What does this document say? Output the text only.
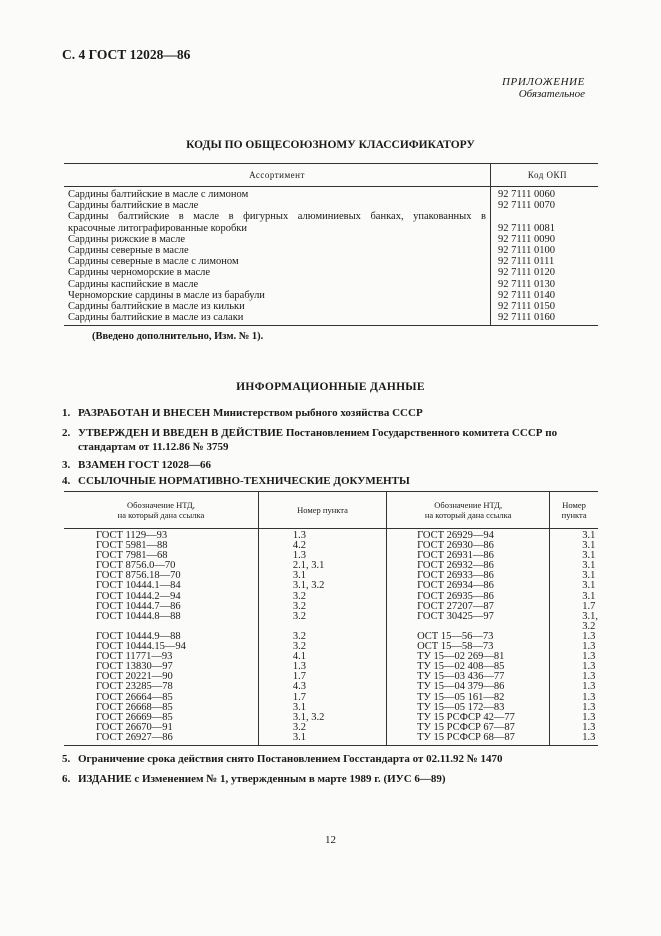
С. 4 ГОСТ 12028—86
ПРИЛОЖЕНИЕ
Обязательное
КОДЫ ПО ОБЩЕСОЮЗНОМУ КЛАССИФИКАТОРУ
Ассортимент	Код ОКП
Сардины балтийские в масле с лимоном	92 7111 0060
Сардины балтийские в масле	92 7111 0070
Сардины балтийские в масле в фигурных алюминиевых банках, упакованных в	
красочные литографированные коробки	92 7111 0081
Сардины рижские в масле	92 7111 0090
Сардины северные в масле	92 7111 0100
Сардины северные в масле с лимоном	92 7111 0111
Сардины черноморские в масле	92 7111 0120
Сардины каспийские в масле	92 7111 0130
Черноморские сардины в масле из барабули	92 7111 0140
Сардины балтийские в масле из кильки	92 7111 0150
Сардины балтийские в масле из салаки	92 7111 0160
(Введено дополнительно, Изм. № 1).
ИНФОРМАЦИОННЫЕ ДАННЫЕ
1. РАЗРАБОТАН И ВНЕСЕН Министерством рыбного хозяйства СССР
2. УТВЕРЖДЕН И ВВЕДЕН В ДЕЙСТВИЕ Постановлением Государственного комитета СССР по
стандартам от 11.12.86 № 3759
3. ВЗАМЕН ГОСТ 12028—66
4. ССЫЛОЧНЫЕ НОРМАТИВНО-ТЕХНИЧЕСКИЕ ДОКУМЕНТЫ
Обозначение НТД,
на который дана ссылка	Номер пункта	Обозначение НТД,
на который дана ссылка	Номер пункта
ГОСТ 1129—93	1.3	ГОСТ 26929—94	3.1
ГОСТ 5981—88	4.2	ГОСТ 26930—86	3.1
ГОСТ 7981—68	1.3	ГОСТ 26931—86	3.1
ГОСТ 8756.0—70	2.1, 3.1	ГОСТ 26932—86	3.1
ГОСТ 8756.18—70	3.1	ГОСТ 26933—86	3.1
ГОСТ 10444.1—84	3.1, 3.2	ГОСТ 26934—86	3.1
ГОСТ 10444.2—94	3.2	ГОСТ 26935—86	3.1
ГОСТ 10444.7—86	3.2	ГОСТ 27207—87	1.7
ГОСТ 10444.8—88	3.2	ГОСТ 30425—97	3.1, 3.2
ГОСТ 10444.9—88	3.2	ОСТ 15—56—73	1.3
ГОСТ 10444.15—94	3.2	ОСТ 15—58—73	1.3
ГОСТ 11771—93	4.1	ТУ 15—02 269—81	1.3
ГОСТ 13830—97	1.3	ТУ 15—02 408—85	1.3
ГОСТ 20221—90	1.7	ТУ 15—03 436—77	1.3
ГОСТ 23285—78	4.3	ТУ 15—04 379—86	1.3
ГОСТ 26664—85	1.7	ТУ 15—05 161—82	1.3
ГОСТ 26668—85	3.1	ТУ 15—05 172—83	1.3
ГОСТ 26669—85	3.1, 3.2	ТУ 15 РСФСР 42—77	1.3
ГОСТ 26670—91	3.2	ТУ 15 РСФСР 67—87	1.3
ГОСТ 26927—86	3.1	ТУ 15 РСФСР 68—87	1.3
5. Ограничение срока действия снято Постановлением Госстандарта от 02.11.92 № 1470
6. ИЗДАНИЕ с Изменением № 1, утвержденным в марте 1989 г. (ИУС 6—89)
12
